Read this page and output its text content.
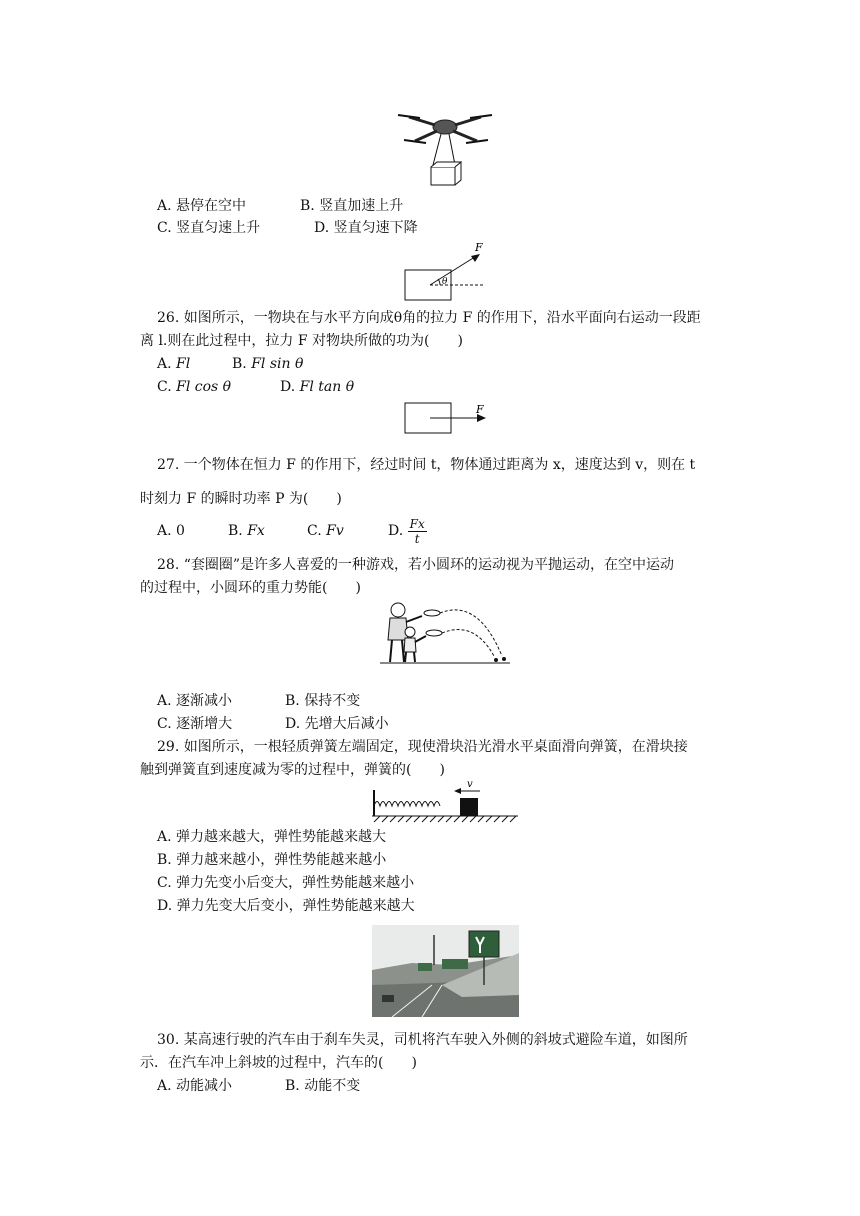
A. 悬停在空中	B. 竖直加速上升
C. 竖直匀速上升	D. 竖直匀速下降
F
θ
26. 如图所示，一物块在与水平方向成θ角的拉力 F 的作用下，沿水平面向右运动一段距
离 l.则在此过程中，拉力 F 对物块所做的功为(　　)
A. Fl	B. Fl sin θ
C. Fl cos θ	D. Fl tan θ
F
27. 一个物体在恒力 F 的作用下，经过时间 t，物体通过距离为 x，速度达到 v，则在 t
时刻力 F 的瞬时功率 P 为(　　)
A. 0	B. Fx	C. Fv	D. $\frac{Fx}{t}$
28. “套圈圈”是许多人喜爱的一种游戏，若小圆环的运动视为平抛运动，在空中运动
的过程中，小圆环的重力势能(　　)
A. 逐渐减小	B. 保持不变
C. 逐渐增大	D. 先增大后减小
29. 如图所示，一根轻质弹簧左端固定，现使滑块沿光滑水平桌面滑向弹簧，在滑块接
触到弹簧直到速度减为零的过程中，弹簧的(　　)
v
A. 弹力越来越大，弹性势能越来越大
B. 弹力越来越小，弹性势能越来越小
C. 弹力先变小后变大，弹性势能越来越小
D. 弹力先变大后变小，弹性势能越来越大
30. 某高速行驶的汽车由于刹车失灵，司机将汽车驶入外侧的斜坡式避险车道，如图所
示．在汽车冲上斜坡的过程中，汽车的(　　)
A. 动能减小	B. 动能不变
